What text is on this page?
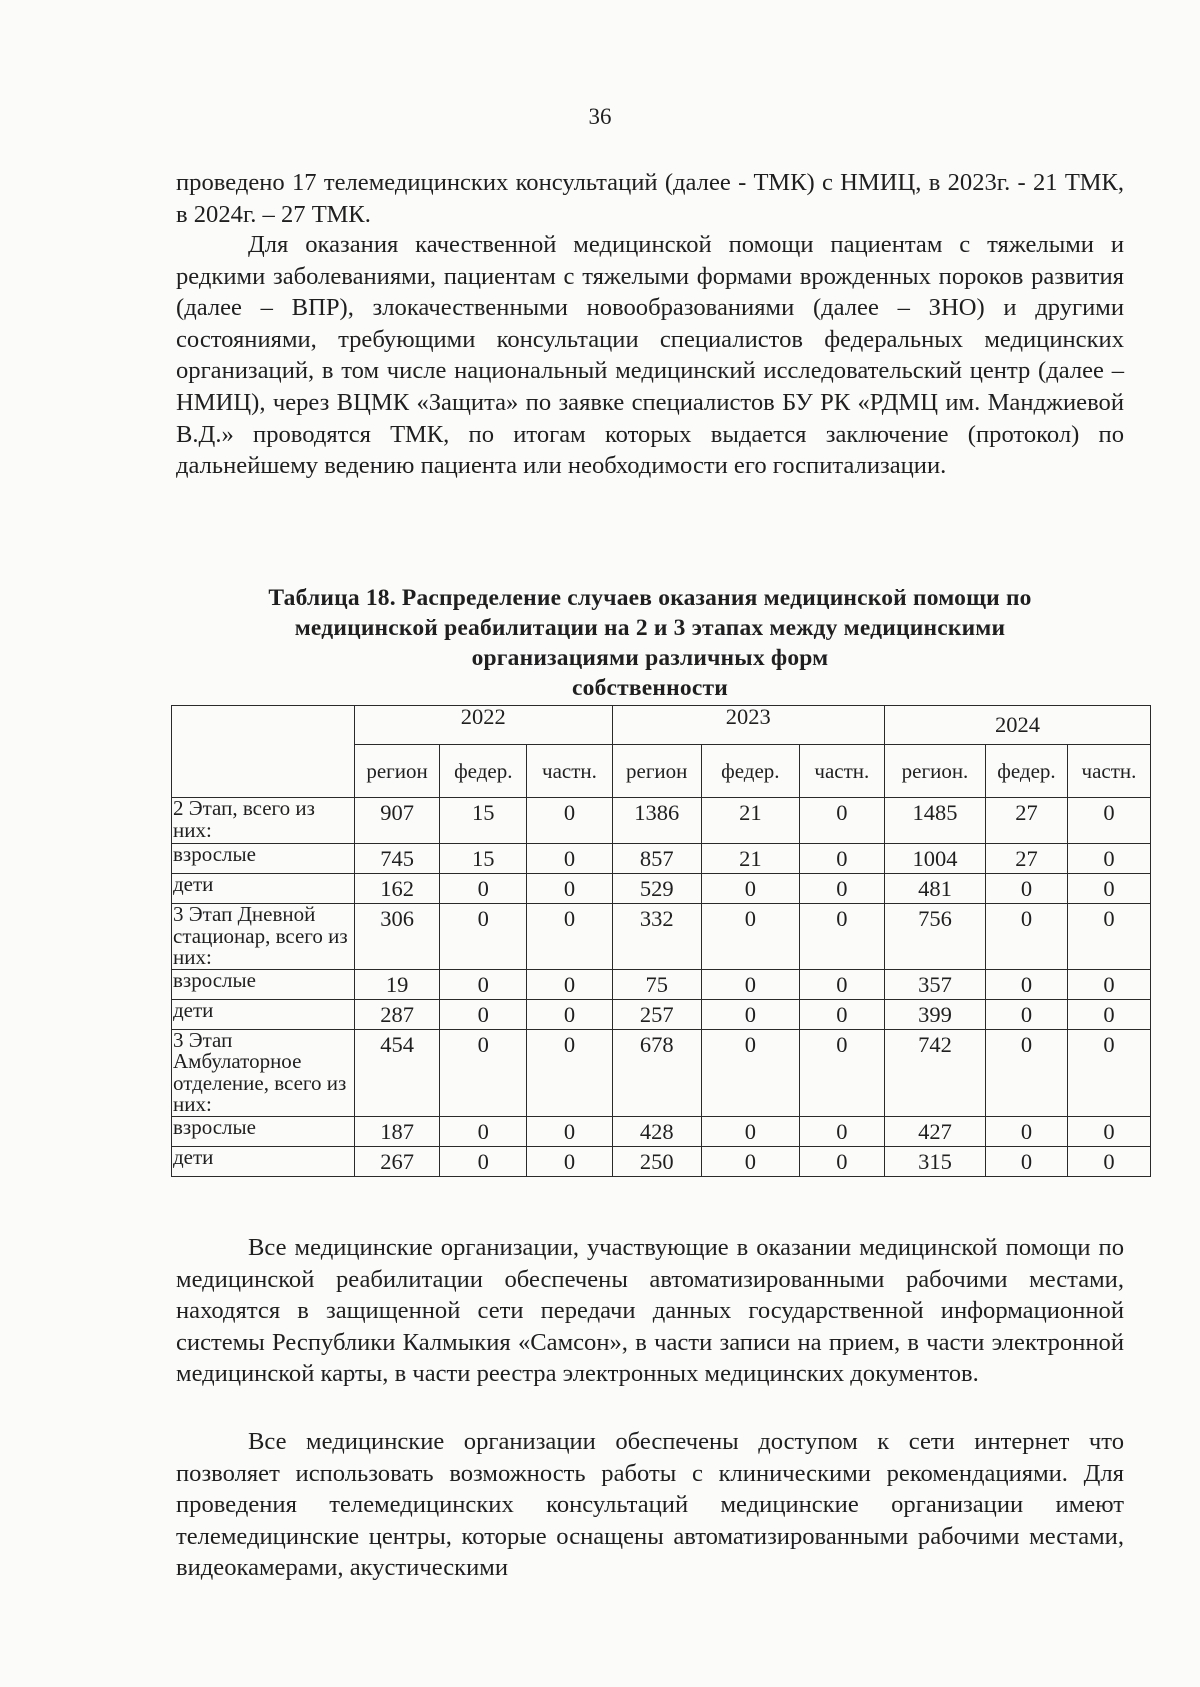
36

проведено 17 телемедицинских консультаций (далее - ТМК) с НМИЦ, в 2023г. - 21 ТМК, в 2024г. – 27 ТМК.

Для оказания качественной медицинской помощи пациентам с тяжелыми и редкими заболеваниями, пациентам с тяжелыми формами врожденных пороков развития (далее – ВПР), злокачественными новообразованиями (далее – ЗНО) и другими состояниями, требующими консультации специалистов федеральных медицинских организаций, в том числе национальный медицинский исследовательский центр (далее – НМИЦ), через ВЦМК «Защита» по заявке специалистов БУ РК «РДМЦ им. Манджиевой В.Д.» проводятся ТМК, по итогам которых выдается заключение (протокол) по дальнейшему ведению пациента или необходимости его госпитализации.

Таблица 18. Распределение случаев оказания медицинской помощи по
медицинской реабилитации на 2 и 3 этапах между медицинскими
организациями различных форм
собственности
	2022			2023			2024		
	регион	федер.	частн.	регион	федер.	частн.	регион.	федер.	частн.
2 Этап, всего из них:	907	15	0	1386	21	0	1485	27	0
взрослые	745	15	0	857	21	0	1004	27	0
дети	162	0	0	529	0	0	481	0	0
3 Этап Дневной стационар, всего из них:	306	0	0	332	0	0	756	0	0
взрослые	19	0	0	75	0	0	357	0	0
дети	287	0	0	257	0	0	399	0	0
3 Этап Амбулаторное отделение, всего из них:	454	0	0	678	0	0	742	0	0
взрослые	187	0	0	428	0	0	427	0	0
дети	267	0	0	250	0	0	315	0	0

Все медицинские организации, участвующие в оказании медицинской помощи по медицинской реабилитации обеспечены автоматизированными рабочими местами, находятся в защищенной сети передачи данных государственной информационной системы Республики Калмыкия «Самсон», в части записи на прием, в части электронной медицинской карты, в части реестра электронных медицинских документов.

Все медицинские организации обеспечены доступом к сети интернет что позволяет использовать возможность работы с клиническими рекомендациями. Для проведения телемедицинских консультаций медицинские организации имеют телемедицинские центры, которые оснащены автоматизированными рабочими местами, видеокамерами, акустическими
